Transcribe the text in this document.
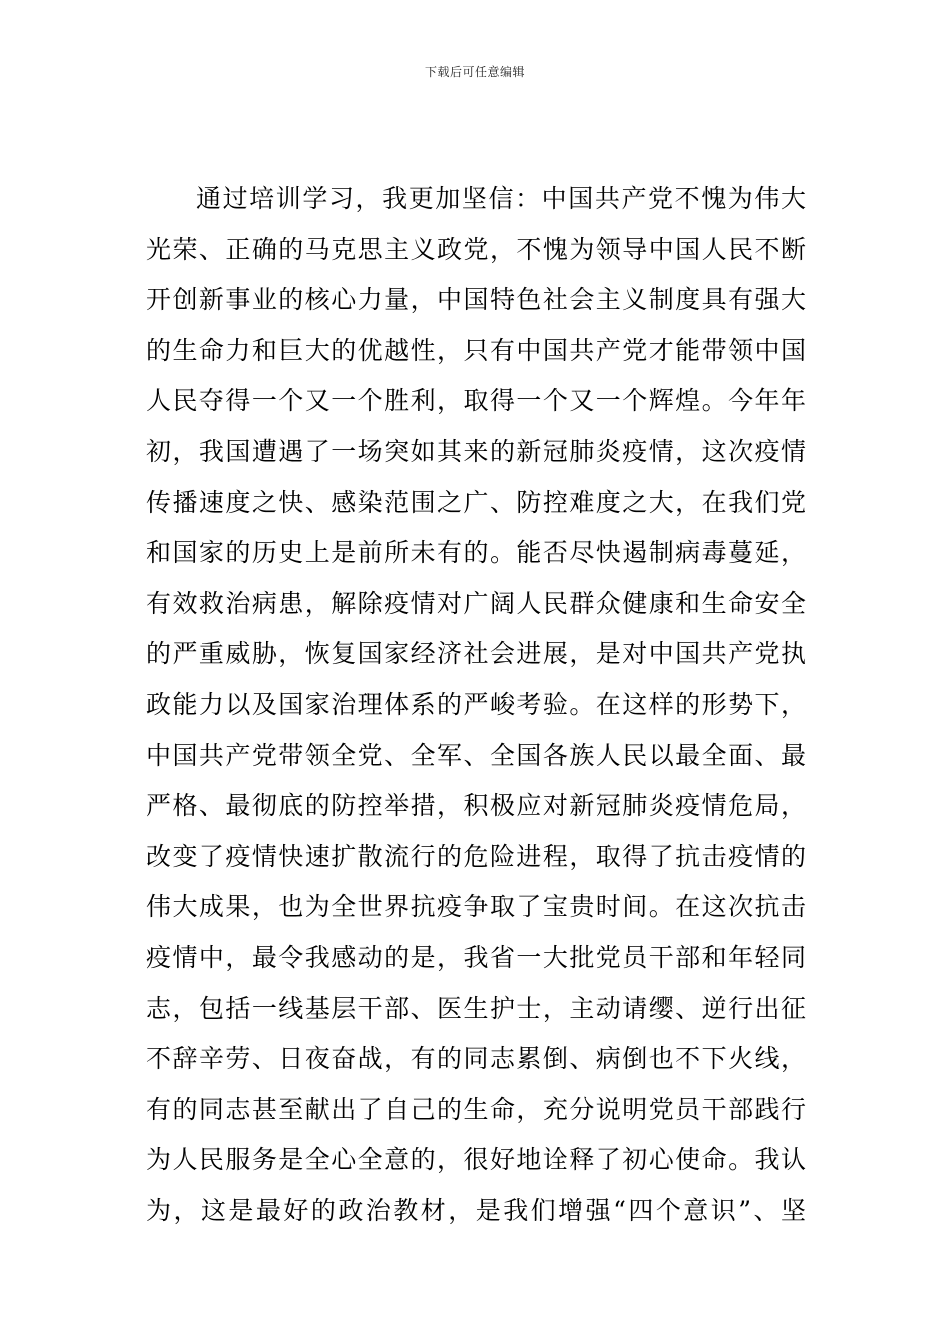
下载后可任意编辑
通过培训学习，我更加坚信：中国共产党不愧为伟大
光荣、正确的马克思主义政党，不愧为领导中国人民不断
开创新事业的核心力量，中国特色社会主义制度具有强大
的生命力和巨大的优越性，只有中国共产党才能带领中国
人民夺得一个又一个胜利，取得一个又一个辉煌。今年年
初，我国遭遇了一场突如其来的新冠肺炎疫情，这次疫情
传播速度之快、感染范围之广、防控难度之大，在我们党
和国家的历史上是前所未有的。能否尽快遏制病毒蔓延，
有效救治病患，解除疫情对广阔人民群众健康和生命安全
的严重威胁，恢复国家经济社会进展，是对中国共产党执
政能力以及国家治理体系的严峻考验。在这样的形势下，
中国共产党带领全党、全军、全国各族人民以最全面、最
严格、最彻底的防控举措，积极应对新冠肺炎疫情危局，
改变了疫情快速扩散流行的危险进程，取得了抗击疫情的
伟大成果，也为全世界抗疫争取了宝贵时间。在这次抗击
疫情中，最令我感动的是，我省一大批党员干部和年轻同
志，包括一线基层干部、医生护士，主动请缨、逆行出征
不辞辛劳、日夜奋战，有的同志累倒、病倒也不下火线，
有的同志甚至献出了自己的生命，充分说明党员干部践行
为人民服务是全心全意的，很好地诠释了初心使命。我认
为，这是最好的政治教材，是我们增强“四个意识”、坚
